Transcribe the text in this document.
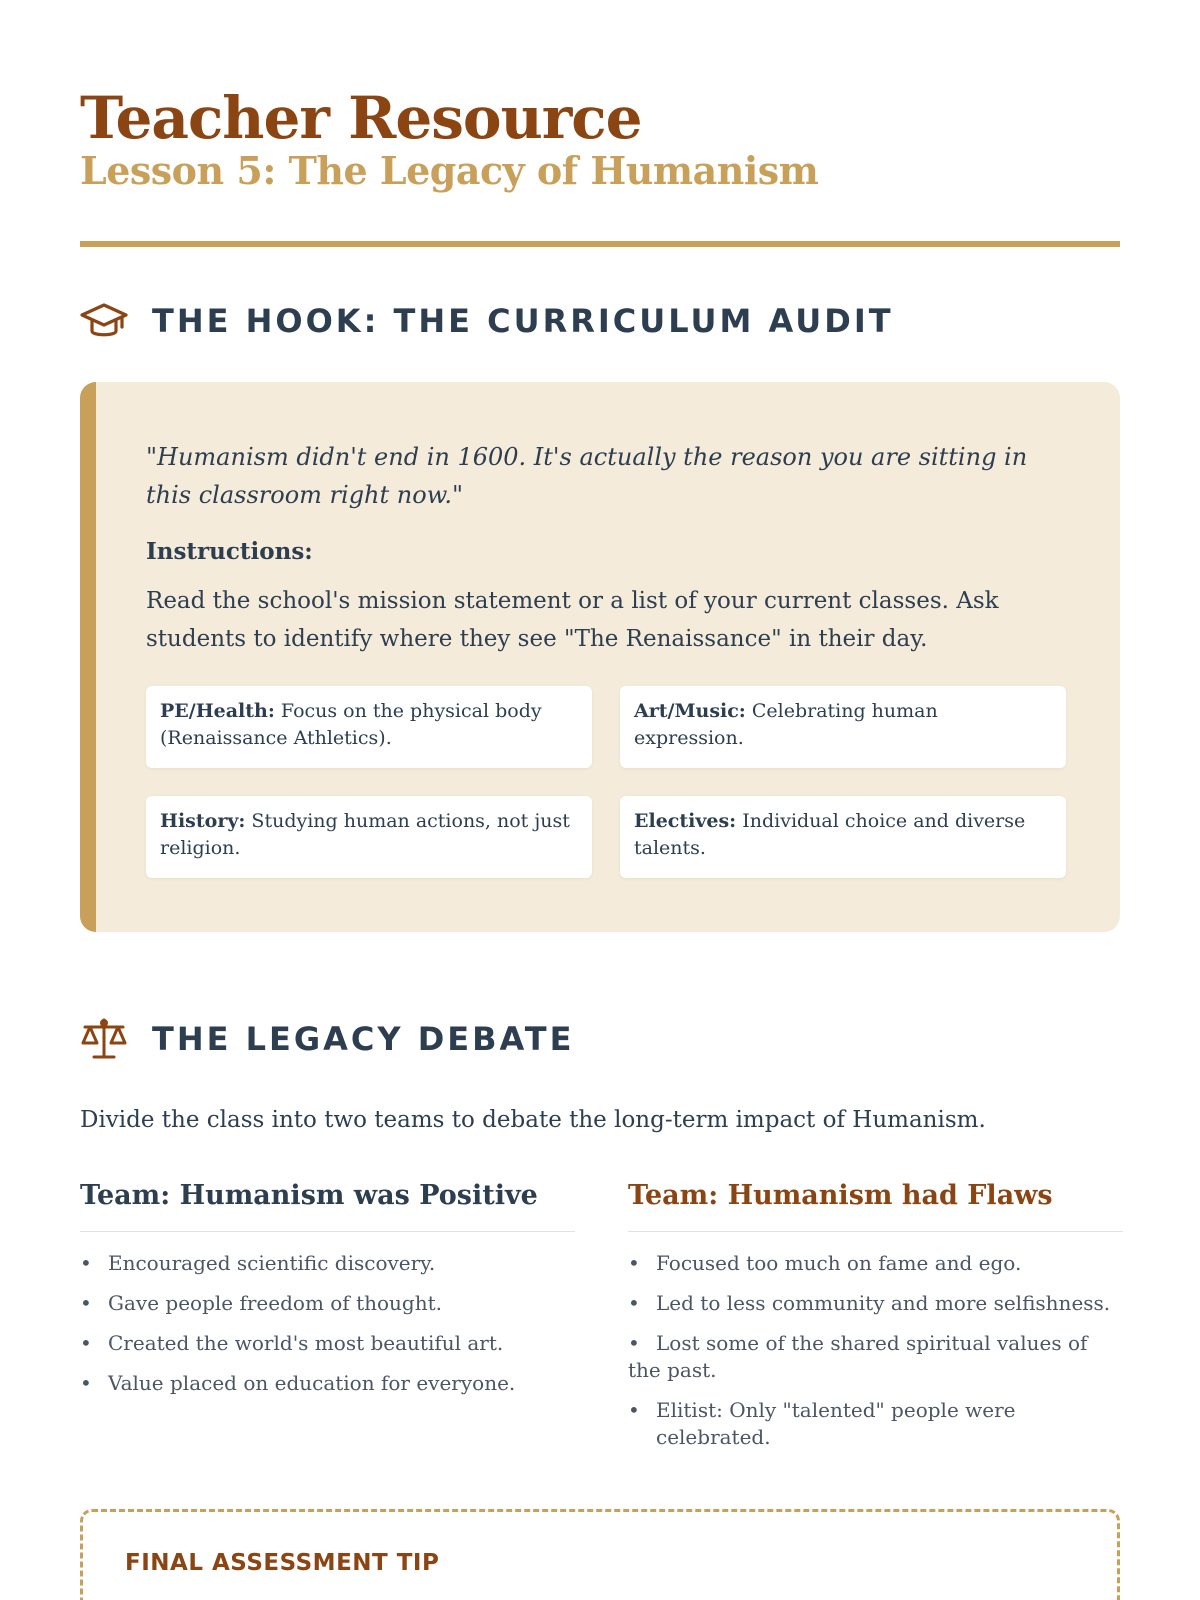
Teacher Resource
Lesson 5: The Legacy of Humanism
THE HOOK: THE CURRICULUM AUDIT
"Humanism didn't end in 1600. It's actually the reason you are sitting in this classroom right now."
Instructions:
Read the school's mission statement or a list of your current classes. Ask students to identify where they see "The Renaissance" in their day.
PE/Health: Focus on the physical body (Renaissance Athletics).
Art/Music: Celebrating human expression.
History: Studying human actions, not just religion.
Electives: Individual choice and diverse talents.
THE LEGACY DEBATE
Divide the class into two teams to debate the long-term impact of Humanism.
Team: Humanism was Positive
• Encouraged scientific discovery.
• Gave people freedom of thought.
• Created the world's most beautiful art.
• Value placed on education for everyone.
Team: Humanism had Flaws
• Focused too much on fame and ego.
• Led to less community and more selfishness.
• Lost some of the shared spiritual values of the past.
• Elitist: Only "talented" people were celebrated.
FINAL ASSESSMENT TIP
